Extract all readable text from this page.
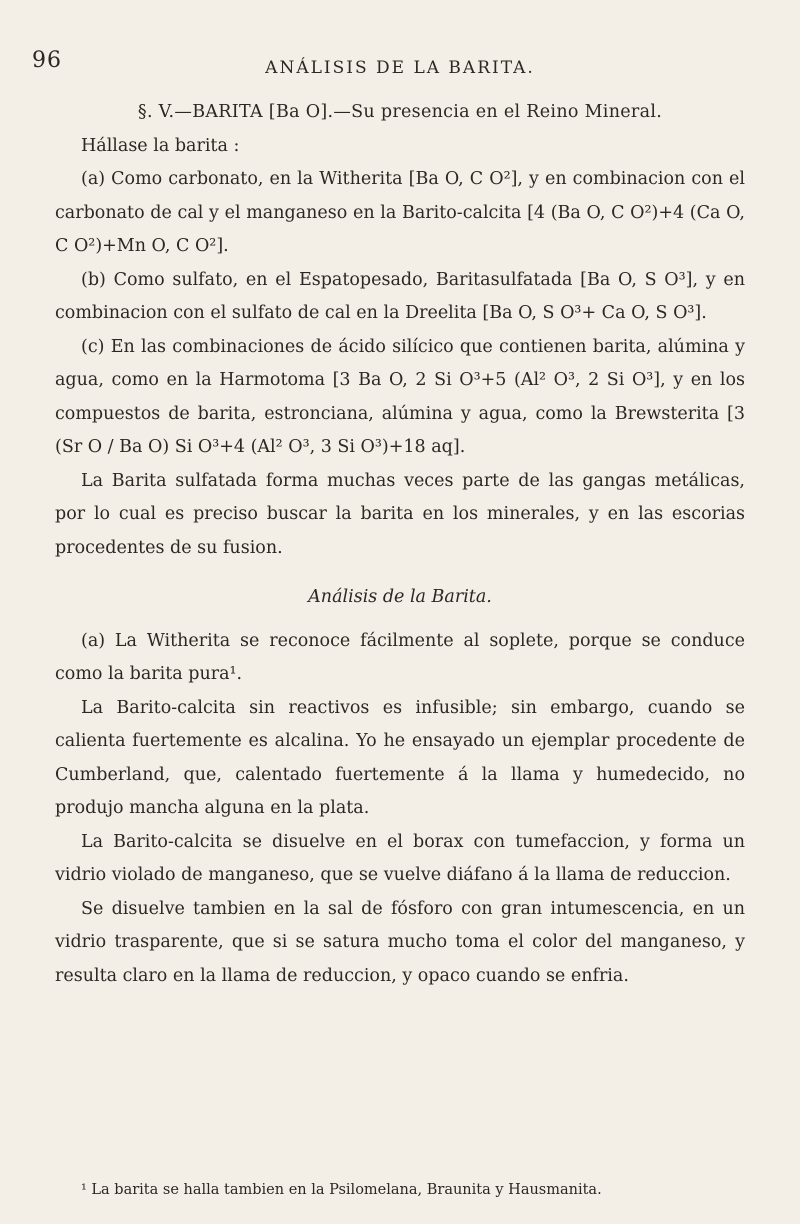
96	ANÁLISIS DE LA BARITA.

§. V.—BARITA [Ba O].—Su presencia en el Reino Mineral.

Hállase la barita :

(a) Como carbonato, en la Witherita [Ba O, C O²], y en combinacion con el carbonato de cal y el manganeso en la Barito-calcita [4 (Ba O, C O²)+4 (Ca O, C O²)+Mn O, C O²].

(b) Como sulfato, en el Espatopesado, Baritasulfatada [Ba O, S O³], y en combinacion con el sulfato de cal en la Dreelita [Ba O, S O³+ Ca O, S O³].

(c) En las combinaciones de ácido silícico que contienen barita, alúmina y agua, como en la Harmotoma [3 Ba O, 2 Si O³+5 (Al² O³, 2 Si O³], y en los compuestos de barita, estronciana, alúmina y agua, como la Brewsterita [3 (Sr O / Ba O) Si O³+4 (Al² O³, 3 Si O³)+18 aq].

La Barita sulfatada forma muchas veces parte de las gangas metálicas, por lo cual es preciso buscar la barita en los minerales, y en las escorias procedentes de su fusion.

Análisis de la Barita.

(a) La Witherita se reconoce fácilmente al soplete, porque se conduce como la barita pura¹.

La Barito-calcita sin reactivos es infusible; sin embargo, cuando se calienta fuertemente es alcalina. Yo he ensayado un ejemplar procedente de Cumberland, que, calentado fuertemente á la llama y humedecido, no produjo mancha alguna en la plata.

La Barito-calcita se disuelve en el borax con tumefaccion, y forma un vidrio violado de manganeso, que se vuelve diáfano á la llama de reduccion.

Se disuelve tambien en la sal de fósforo con gran intumescencia, en un vidrio trasparente, que si se satura mucho toma el color del manganeso, y resulta claro en la llama de reduccion, y opaco cuando se enfria.

¹ La barita se halla tambien en la Psilomelana, Braunita y Hausmanita.
